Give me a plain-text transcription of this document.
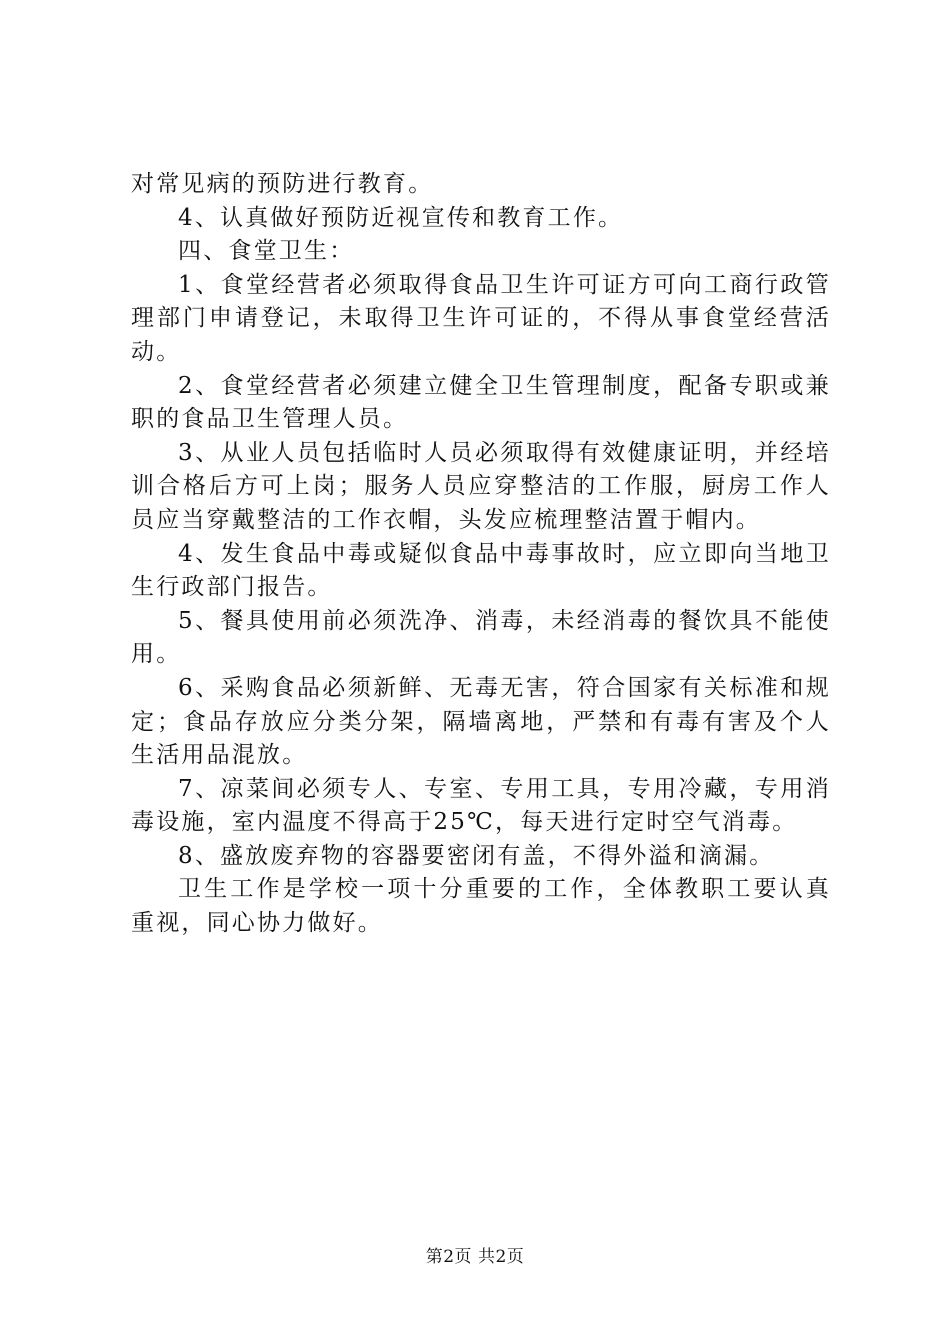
对常见病的预防进行教育。

4、认真做好预防近视宣传和教育工作。

四、食堂卫生：

1、食堂经营者必须取得食品卫生许可证方可向工商行政管理部门申请登记，未取得卫生许可证的，不得从事食堂经营活动。

2、食堂经营者必须建立健全卫生管理制度，配备专职或兼职的食品卫生管理人员。

3、从业人员包括临时人员必须取得有效健康证明，并经培训合格后方可上岗；服务人员应穿整洁的工作服，厨房工作人员应当穿戴整洁的工作衣帽，头发应梳理整洁置于帽内。

4、发生食品中毒或疑似食品中毒事故时，应立即向当地卫生行政部门报告。

5、餐具使用前必须洗净、消毒，未经消毒的餐饮具不能使用。

6、采购食品必须新鲜、无毒无害，符合国家有关标准和规定；食品存放应分类分架，隔墙离地，严禁和有毒有害及个人生活用品混放。

7、凉菜间必须专人、专室、专用工具，专用冷藏，专用消毒设施，室内温度不得高于25℃，每天进行定时空气消毒。

8、盛放废弃物的容器要密闭有盖，不得外溢和滴漏。

卫生工作是学校一项十分重要的工作，全体教职工要认真重视，同心协力做好。

第2页 共2页
